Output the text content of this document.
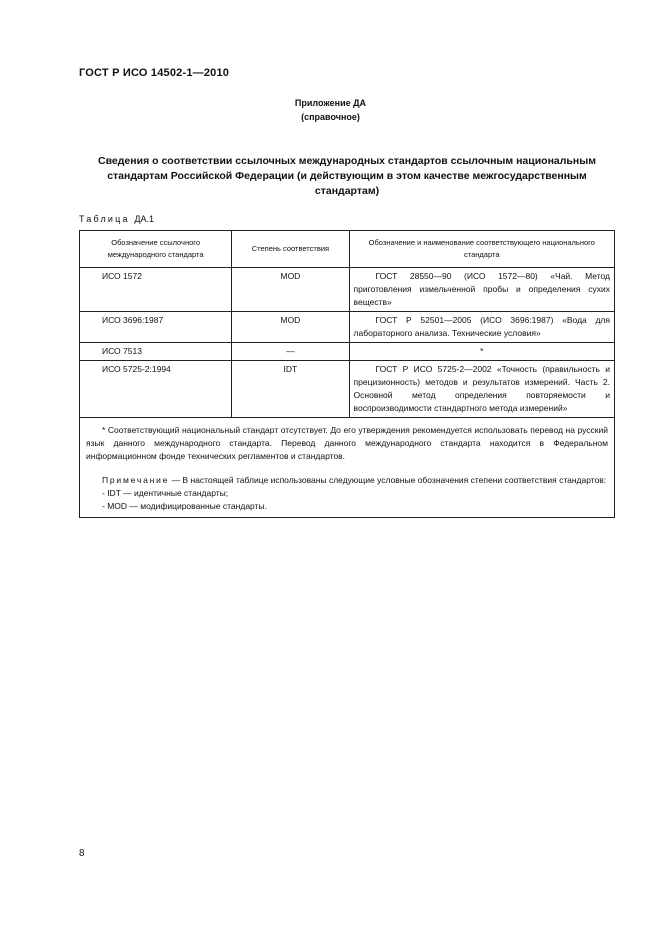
ГОСТ Р ИСО 14502-1—2010
Приложение ДА
(справочное)
Сведения о соответствии ссылочных международных стандартов ссылочным национальным стандартам Российской Федерации (и действующим в этом качестве межгосударственным стандартам)
Таблица ДА.1
Обозначение ссылочного международного стандарта	Степень соответствия	Обозначение и наименование соответствующего национального стандарта
ИСО 1572	MOD	ГОСТ 28550—90 (ИСО 1572—80) «Чай. Метод приготовления измельченной пробы и определения сухих веществ»
ИСО 3696:1987	MOD	ГОСТ Р 52501—2005 (ИСО 3696:1987) «Вода для лабораторного анализа. Технические условия»
ИСО 7513	—	*
ИСО 5725-2:1994	IDT	ГОСТ Р ИСО 5725-2—2002 «Точность (правильность и прецизионность) методов и результатов измерений. Часть 2. Основной метод определения повторяемости и воспроизводимости стандартного метода измерений»

* Соответствующий национальный стандарт отсутствует. До его утверждения рекомендуется использовать перевод на русский язык данного международного стандарта. Перевод данного международного стандарта находится в Федеральном информационном фонде технических регламентов и стандартов.

Примечание — В настоящей таблице использованы следующие условные обозначения степени соответствия стандартов:

- IDT — идентичные стандарты;

- MOD — модифицированные стандарты.		

8
